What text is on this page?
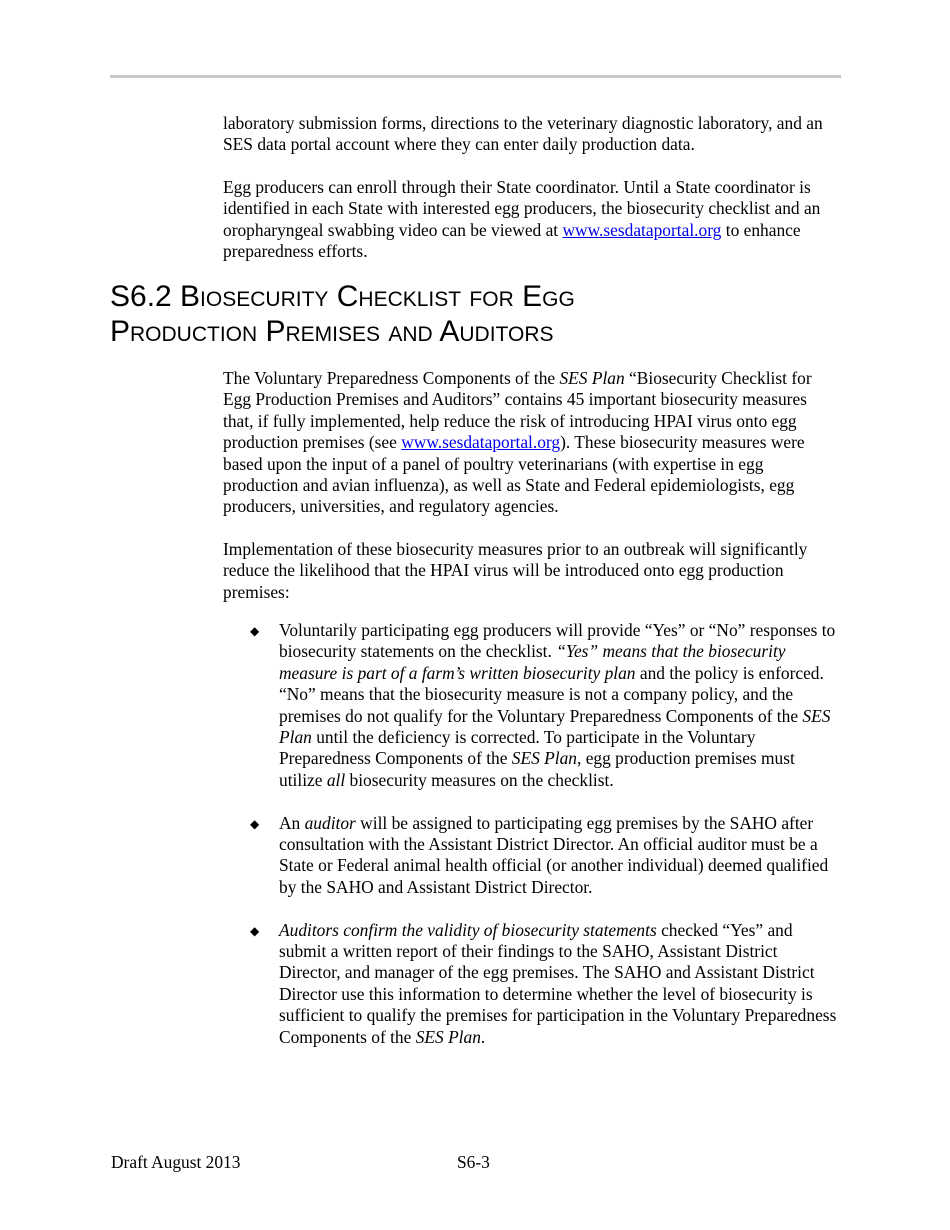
laboratory submission forms, directions to the veterinary diagnostic laboratory, and an SES data portal account where they can enter daily production data.

Egg producers can enroll through their State coordinator. Until a State coordinator is identified in each State with interested egg producers, the biosecurity checklist and an oropharyngeal swabbing video can be viewed at www.sesdataportal.org to enhance preparedness efforts.

S6.2 Biosecurity Checklist for Egg
Production Premises and Auditors

The Voluntary Preparedness Components of the SES Plan “Biosecurity Checklist for Egg Production Premises and Auditors” contains 45 important biosecurity measures that, if fully implemented, help reduce the risk of introducing HPAI virus onto egg production premises (see www.sesdataportal.org). These biosecurity measures were based upon the input of a panel of poultry veterinarians (with expertise in egg production and avian influenza), as well as State and Federal epidemiologists, egg producers, universities, and regulatory agencies.

Implementation of these biosecurity measures prior to an outbreak will significantly reduce the likelihood that the HPAI virus will be introduced onto egg production premises:

◆ Voluntarily participating egg producers will provide “Yes” or “No” responses to biosecurity statements on the checklist. “Yes” means that the biosecurity measure is part of a farm’s written biosecurity plan and the policy is enforced. “No” means that the biosecurity measure is not a company policy, and the premises do not qualify for the Voluntary Preparedness Components of the SES Plan until the deficiency is corrected. To participate in the Voluntary Preparedness Components of the SES Plan, egg production premises must utilize all biosecurity measures on the checklist.
◆ An auditor will be assigned to participating egg premises by the SAHO after consultation with the Assistant District Director. An official auditor must be a State or Federal animal health official (or another individual) deemed qualified by the SAHO and Assistant District Director.
◆ Auditors confirm the validity of biosecurity statements checked “Yes” and submit a written report of their findings to the SAHO, Assistant District Director, and manager of the egg premises. The SAHO and Assistant District Director use this information to determine whether the level of biosecurity is sufficient to qualify the premises for participation in the Voluntary Preparedness Components of the SES Plan.
Draft August 2013	S6-3
